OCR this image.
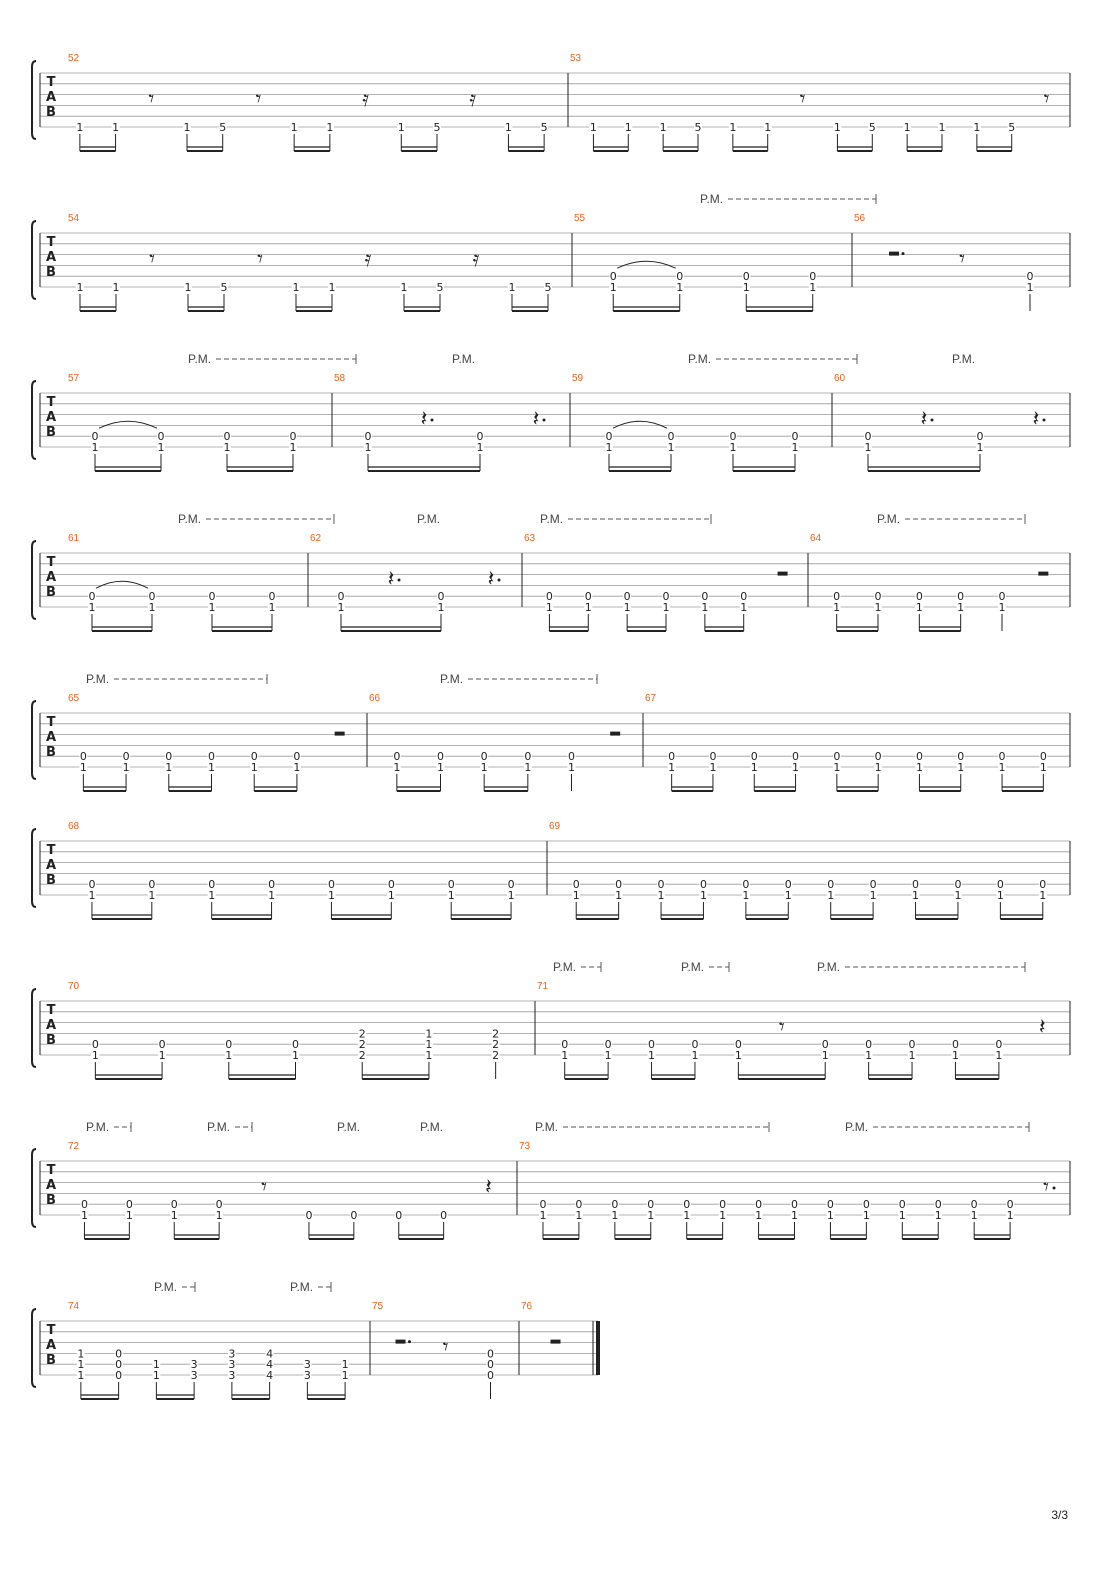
T
A
B
52
1	1
𝄾
1	5
𝄾
1	1
𝄿
1	5
𝄿
1	5
53
1	1	1	5	1	1
𝄾
1	5	1	1	1	5
𝄾
T
A
B
54
1	1
𝄾
1	5
𝄾
1	1
𝄿
1	5
𝄿
1	5
55
0
1
0
1
0
1
0
1
56
𝄾
0
1
P.M.
T
A
B
57
0
1
0
1
0
1
0
1
58
0
1
𝄽
0
1
𝄽
59
0
1
0
1
0
1
0
1
60
0
1
𝄽
0
1
𝄽
P.M.	P.M.	P.M.	P.M.
T
A
B
61
0
1
0
1
0
1
0
1
62
0
1
𝄽
0
1
𝄽
63
0
1
0
1
0
1
0
1
0
1
0
1
64
0
1
0
1
0
1
0
1
0
1
P.M.	P.M.	P.M.	P.M.
T
A
B
65
0
1
0
1
0
1
0
1
0
1
0
1
66
0
1
0
1
0
1
0
1
0
1
67
0
1
0
1
0
1
0
1
0
1
0
1
0
1
0
1
0
1
0
1
P.M.	P.M.
T
A
B
68
0
1
0
1
0
1
0
1
0
1
0
1
0
1
0
1
69
0
1
0
1
0
1
0
1
0
1
0
1
0
1
0
1
0
1
0
1
0
1
0
1
T
A
B
70
0
1
0
1
0
1
0
1
2
2
2
1
1
1
2
2
2
71
0
1
0
1
0
1
0
1
0
1
𝄾
0
1
0
1
0
1
0
1
0
1
𝄽
P.M.	P.M.	P.M.
T
A
B
72
0
1
0
1
0
1
0
1
𝄾
0	0	0	0
𝄽
73
0
1
0
1
0
1
0
1
0
1
0
1
0
1
0
1
0
1
0
1
0
1
0
1
0
1
0
1
𝄾
P.M.	P.M.	P.M.	P.M.	P.M.	P.M.
T
A
B
74
1
1
1
0
0
0
1
1
3
3
3
3
3
4
4
4
3
3
1
1
75
𝄾	0
0
0
76
P.M.	P.M.
3/3
